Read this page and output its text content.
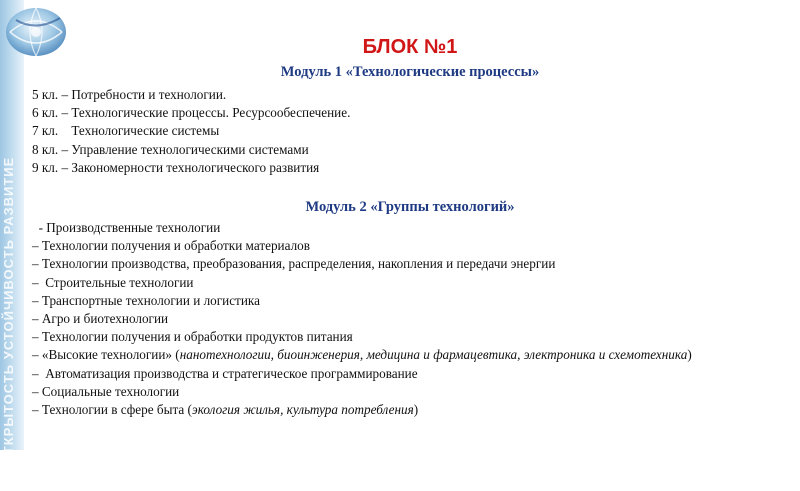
ОТКРЫТОСТЬ УСТОЙЧИВОСТЬ РАЗВИТИЕ
БЛОК №1
Модуль 1 «Технологические процессы»
5 кл. – Потребности и технологии.
6 кл. – Технологические процессы. Ресурсообеспечение.
7 кл.    Технологические системы
8 кл. – Управление технологическими системами
9 кл. – Закономерности технологического развития
Модуль 2 «Группы технологий»
- Производственные технологии
– Технологии получения и обработки материалов
– Технологии производства, преобразования, распределения, накопления и передачи энергии
–  Строительные технологии
– Транспортные технологии и логистика
– Агро и биотехнологии
– Технологии получения и обработки продуктов питания
– «Высокие технологии» (нанотехнологии, биоинженерия, медицина и фармацевтика, электроника и схемотехника)
–  Автоматизация производства и стратегическое программирование
– Социальные технологии
– Технологии в сфере быта (экология жилья, культура потребления)
